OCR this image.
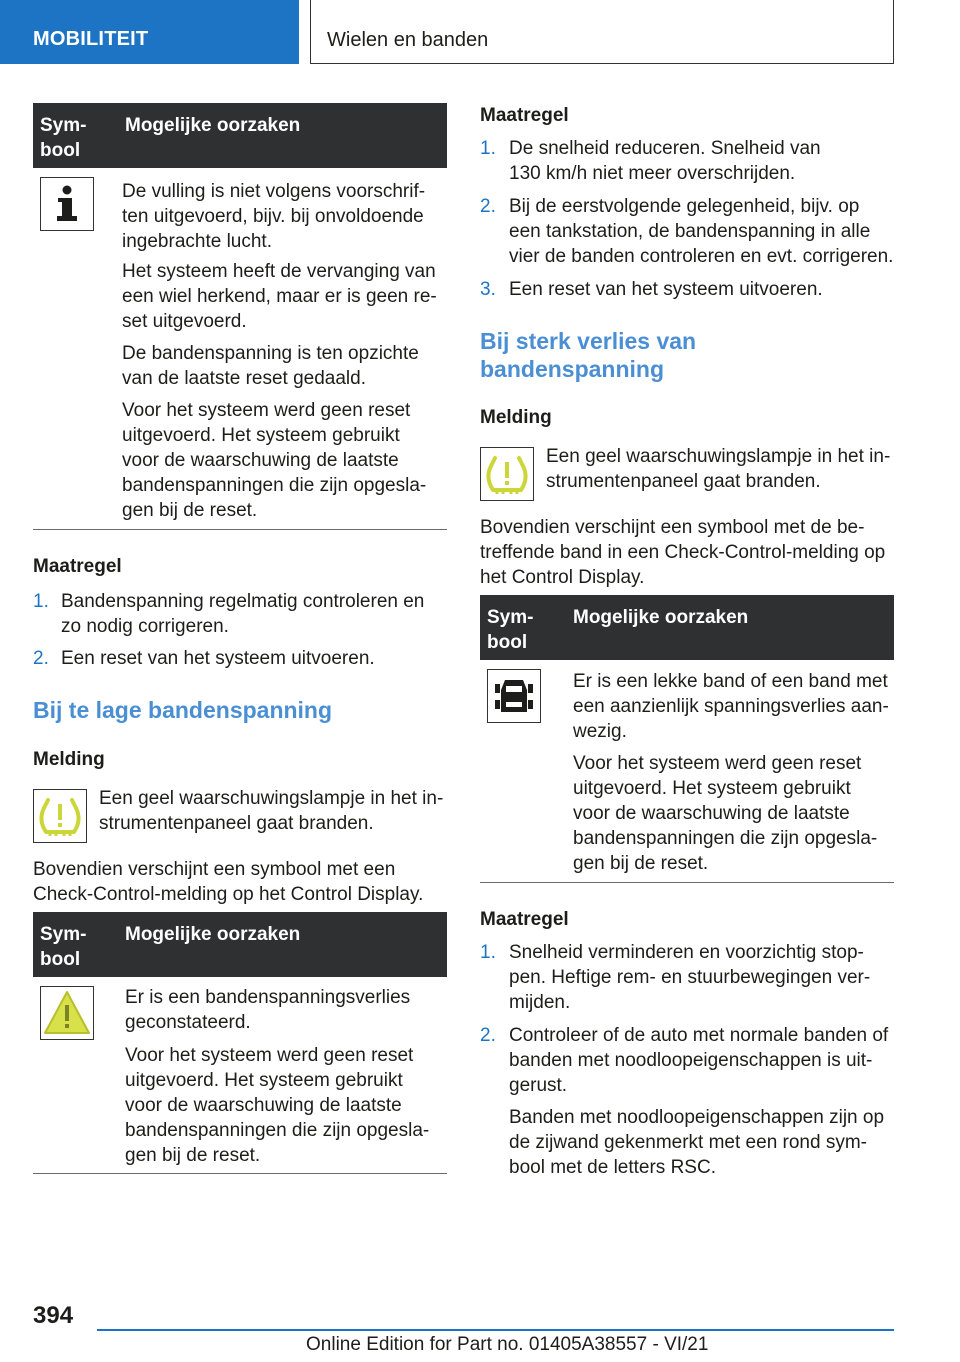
MOBILITEIT	Wielen en banden
Sym-
bool
Mogelijke oorzaken
De vulling is niet volgens voorschrif-
ten uitgevoerd, bijv. bij onvoldoende
ingebrachte lucht.
Het systeem heeft de vervanging van
een wiel herkend, maar er is geen re-
set uitgevoerd.
De bandenspanning is ten opzichte
van de laatste reset gedaald.
Voor het systeem werd geen reset
uitgevoerd. Het systeem gebruikt
voor de waarschuwing de laatste
bandenspanningen die zijn opgesla-
gen bij de reset.
Maatregel
1. Bandenspanning regelmatig controleren en
zo nodig corrigeren.
2. Een reset van het systeem uitvoeren.
Bij te lage bandenspanning
Melding
Een geel waarschuwingslampje in het in-
strumentenpaneel gaat branden.
Bovendien verschijnt een symbool met een
Check-Control-melding op het Control Display.
Sym-
bool
Mogelijke oorzaken
Er is een bandenspanningsverlies
geconstateerd.
Voor het systeem werd geen reset
uitgevoerd. Het systeem gebruikt
voor de waarschuwing de laatste
bandenspanningen die zijn opgesla-
gen bij de reset.
Maatregel
1. De snelheid reduceren. Snelheid van
130 km/h niet meer overschrijden.
2. Bij de eerstvolgende gelegenheid, bijv. op
een tankstation, de bandenspanning in alle
vier de banden controleren en evt. corrigeren.
3. Een reset van het systeem uitvoeren.
Bij sterk verlies van
bandenspanning
Melding
Een geel waarschuwingslampje in het in-
strumentenpaneel gaat branden.
Bovendien verschijnt een symbool met de be-
treffende band in een Check-Control-melding op
het Control Display.
Sym-
bool
Mogelijke oorzaken
Er is een lekke band of een band met
een aanzienlijk spanningsverlies aan-
wezig.
Voor het systeem werd geen reset
uitgevoerd. Het systeem gebruikt
voor de waarschuwing de laatste
bandenspanningen die zijn opgesla-
gen bij de reset.
Maatregel
1. Snelheid verminderen en voorzichtig stop-
pen. Heftige rem- en stuurbewegingen ver-
mijden.
2. Controleer of de auto met normale banden of
banden met noodloopeigenschappen is uit-
gerust.
Banden met noodloopeigenschappen zijn op
de zijwand gekenmerkt met een rond sym-
bool met de letters RSC.
394
Online Edition for Part no. 01405A38557 - VI/21
